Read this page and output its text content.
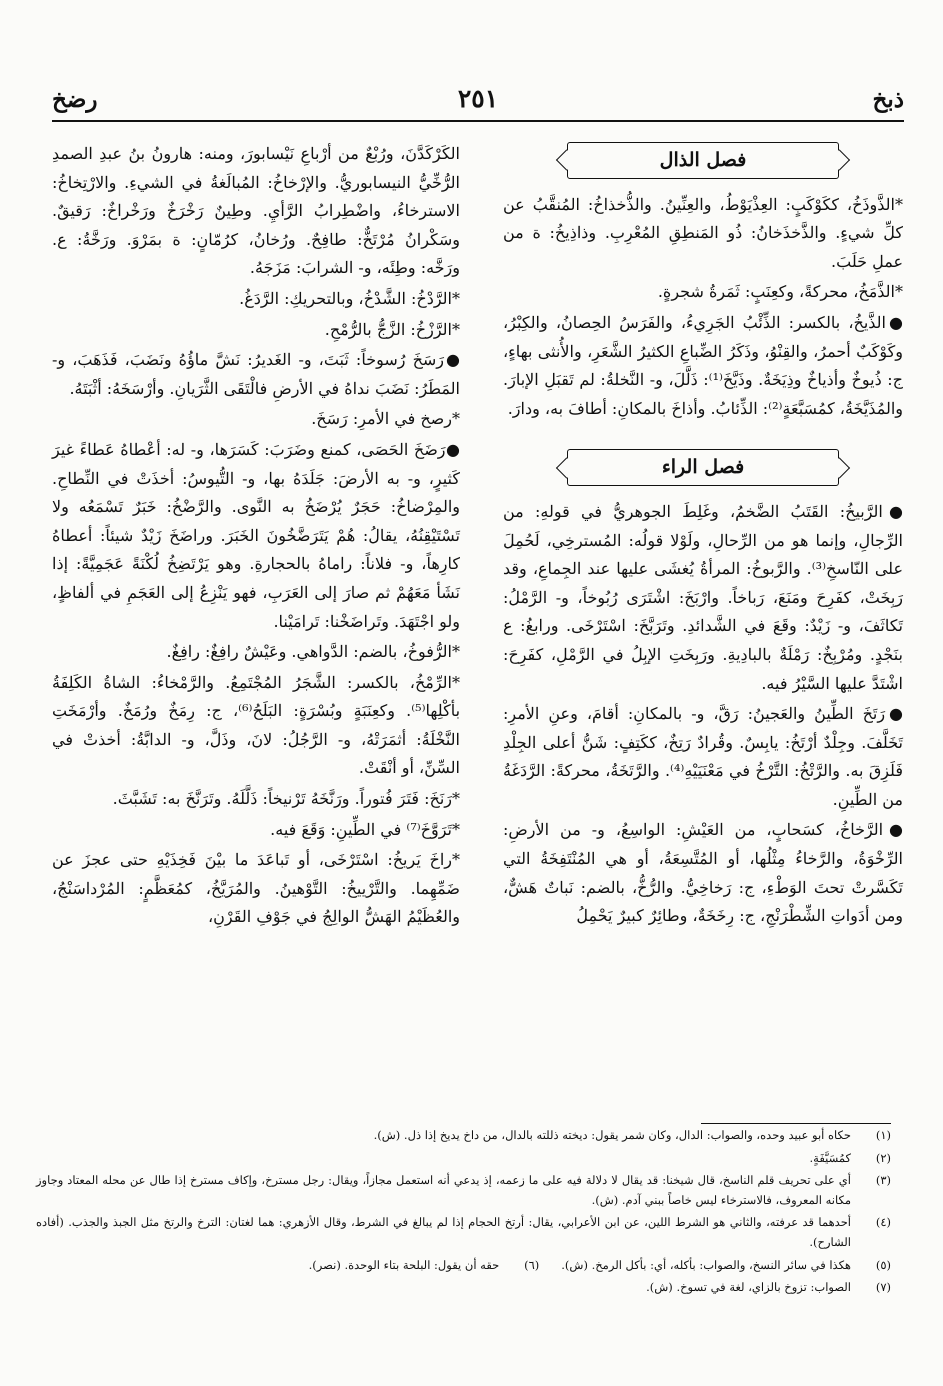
ذبخ
٢٥١
رضخ
فصل الذال

*الذَّوذَخُ، ككَوْكَبٍ: العِذْيَوْطُ، والعِنِّينُ. والذُّخذاخُ: المُنقَّبُ عن كلِّ شيءٍ. والذَّخذَخانُ: ذُو المَنطِقِ المُعْرِبِ. وذاذِيخُ: ة من عملِ حَلَبَ.

*الذَّمَخُ، محركةً، وكعِنَبٍ: ثَمَرةُ شجرةٍ.

●الذَّيخُ، بالكسر: الذِّئْبُ الجَرِيءُ، والفَرَسُ الحِصانُ، والكِبْرُ، وكَوْكَبٌ أحمرُ، والقِنْوُ، وذَكَرُ الضِّباعِ الكثيرُ الشَّعَرِ، والأُنثى بهاءٍ، ج: ذُيوخٌ وأذياخٌ وذِيَخَةٌ. وذَيَّخَ⁽¹⁾: ذَلَّلَ، و- النَّخلةُ: لم تَقبَلِ الإبارَ. والمُذَيَّخَةُ، كمُسَبَّعَةٍ⁽²⁾: الذِّئابُ. وأذاخَ بالمكانِ: أطافَ به، ودارَ.

فصل الراء

●الرَّبيخُ: القَتَبُ الضَّخمُ، وغَلِطَ الجوهريُّ في قولهِ: من الرِّجالِ، وإنما هو من الرِّحالِ، ولَوْلا قولُه: المُسترخِي، لَحُمِلَ على النّاسخِ⁽³⁾. والرَّبوخُ: المرأةُ يُغشَى عليها عند الجِماعِ، وقد رَبِخَتْ، كفَرِحَ ومَنَعَ، رَباخاً. وارْبَخَ: اشْتَرَى رُبُوخاً، و- الرَّمْلُ: تَكاثَفَ، و- زَيْدٌ: وقَعَ في الشَّدائدِ. وتَرَبَّخَ: اسْتَرْخَى. ورابغُ: ع بنَجْدٍ. ومُرْبِخٌ: رَمْلَةٌ بالبادِيةِ. ورَبِخَتِ الإبِلُ في الرَّمْلِ، كفَرِحَ: اشْتَدَّ عليها السَّيْرُ فيه.

●رَتَخَ الطِّينُ والعَجينُ: رَقَّ، و- بالمكانِ: أقامَ، وعنِ الأمرِ: تَخَلَّفَ. وجِلْدٌ أرْتَخُ: يابِسٌ. وقُرادٌ رَتِخٌ، ككَتِفٍ: شَنُّ أعلى الجِلْدِ فَلَزِقَ به. والرَّتْخُ: التَّرْخُ في مَعْنَيَيْهِ⁽⁴⁾. والرَّتَخَةُ، محركةً: الرَّدَغَةُ من الطِّينِ.

●الرَّخاخُ، كسَحابٍ، من العَيْشِ: الواسِعُ، و- من الأرضِ: الرِّخْوَةُ، والرَّخاءُ مِثْلُها، أو المُتَّسِعَةُ، أو هي المُنْتَفِخَةُ التي تَكَسَّرتْ تحتَ الوَطْءِ، ج: رَخاخِيُّ. والرُّخُّ، بالضم: نَباتٌ هَشٌّ، ومن أدَواتِ الشِّطْرَنْجِ، ج: رِخَخَةٌ، وطائِرٌ كبيرٌ يَحْمِلُ

الكَرْكَدَّنَ، ورُبْعٌ من أرْباعِ نَيْسابورَ، ومنه: هارونُ بنُ عبدِ الصمدِ الرُّخِّيُّ النيسابوريُّ. والإرْخاخُ: المُبالَغةُ في الشيءِ. والارْتِخاخُ: الاسترخاءُ، واضْطِرابُ الرَّأيِ. وطِينٌ رَخْرَخٌ ورَخْراخٌ: رَقيقٌ. وسَكْرانُ مُرْتَخٌّ: طافِحٌ. ورُخانُ، كرُمّانٍ: ة بمَرْوَ. ورَخَّةُ: ع. ورَخَّه: وطِئَه، و- الشرابَ: مَزَجَهُ.

*الرَّدْخُ: الشَّدْخُ، وبالتحريكِ: الرَّدَغُ.

*الرَّزْخُ: الزَّجُّ بالرُّمْحِ.

●رَسَخَ رُسوخاً: ثَبَتَ، و- الغَديرُ: نَشَّ ماؤُهُ ونَضَبَ، فَذَهَبَ، و- المَطَرُ: نَضَبَ نداهُ في الأرضِ فالْتَقَى الثَّرَيانِ. وأرْسَخَهُ: أثْبَتَهُ.

*رصخ في الأمرِ: رَسَخَ.

●رَضَخَ الحَصَى، كمنع وضَرَبَ: كَسَرَها، و- له: أعْطاهُ عَطاءً غيرَ كَثيرٍ، و- به الأرضَ: جَلَدَهُ بها، و- التُّيوسُ: أخذَتْ في النِّطاحِ. والمِرْضاخُ: حَجَرٌ يُرْضَخُ به النَّوى. والرَّضْخُ: خَبَرٌ تَسْمَعُه ولا تَسْتَيْقِنُهُ، يقالُ: هُمْ يَتَرَضَّخُونَ الخَبَرَ. وراضَخَ زَيْدٌ شيئاً: أعطاهُ كارِهاً، و- فلاناً: راماهُ بالحجارةِ. وهو يَرْتَضِخُ لُكْنَةً عَجَمِيَّةً: إذا نَشَأ مَعَهُمْ ثم صارَ إلى العَرَبِ، فهو يَنْزِعُ إلى العَجَمِ في ألفاظٍ، ولو اجْتَهَدَ. وتَراضَخْنا: تَرامَيْنا.

*الرُّفوخُ، بالضم: الدَّواهي. وعَيْشٌ رافِغٌ: رافِغٌ.

*الرِّمْخُ، بالكسر: الشَّجَرُ المُجْتَمِعُ. والرَّمْخاءُ: الشاةُ الكَلِفَةُ بأكْلِها⁽⁵⁾. وكعِنَبَةٍ وبُسْرَةٍ: البَلَحُ⁽⁶⁾، ج: رِمَخٌ ورُمَخٌ. وأرْمَخَتِ النَّخْلَةُ: أثمَرَتْهُ، و- الرَّجُلُ: لانَ، وذَلَّ، و- الدابَّةُ: أخذتْ في السِّنِّ، أو أنْقَتْ.

*رَنَخَ: فَتَرَ فُتوراً. ورَنَّخَهُ تَرْنيخاً: ذَلَّلَهُ. وتَرَنَّخَ به: تَشَبَّثَ.

*تَرَوَّخَ⁽⁷⁾ في الطِّينِ: وَقَعَ فيه.

*راخَ يَريخُ: اسْتَرْخَى، أو تَباعَدَ ما بيْنَ فَخِذَيْهِ حتى عجزَ عن ضَمِّهِما. والتَّرْييخُ: التَّوْهينُ. والمُرَيَّخُ، كمُعَظَّمٍ: المُرْداسَنْجُ، والعُظَيْمُ الهَشُّ الوالِجُ في جَوْفِ القَرْنِ،

(١)
حكاه أبو عبيد وحده، والصواب: الدال، وكان شمر يقول: ديخته ذللته بالدال، من داخ يديخ إذا ذل. (ش).
(٢)
كمُسَيَّفَةٍ.
(٣)
أي على تحريف قلم الناسخ، قال شيخنا: قد يقال لا دلالة فيه على ما زعمه، إذ يدعي أنه استعمل مجازاً، ويقال: رجل مسترخ، وإكاف مسترخ إذا طال عن محله المعتاد وجاوز مكانه المعروف، فالاسترخاء ليس خاصاً ببني آدم. (ش).
(٤)
أحدهما قد عرفته، والثاني هو الشرط اللين، عن ابن الأعرابي، يقال: أرتخ الحجام إذا لم يبالغ في الشرط، وقال الأزهري: هما لغتان: الترخ والرتخ مثل الجبذ والجذب. (أفاده الشارح).
(٥)
هكذا في سائر النسخ، والصواب: بأكله، أي: بأكل الرمخ. (ش).
(٦)
حقه أن يقول: البلحة بتاء الوحدة. (نصر).
(٧)
الصواب: تزوخ بالزاي، لغة في تسوخ. (ش).
